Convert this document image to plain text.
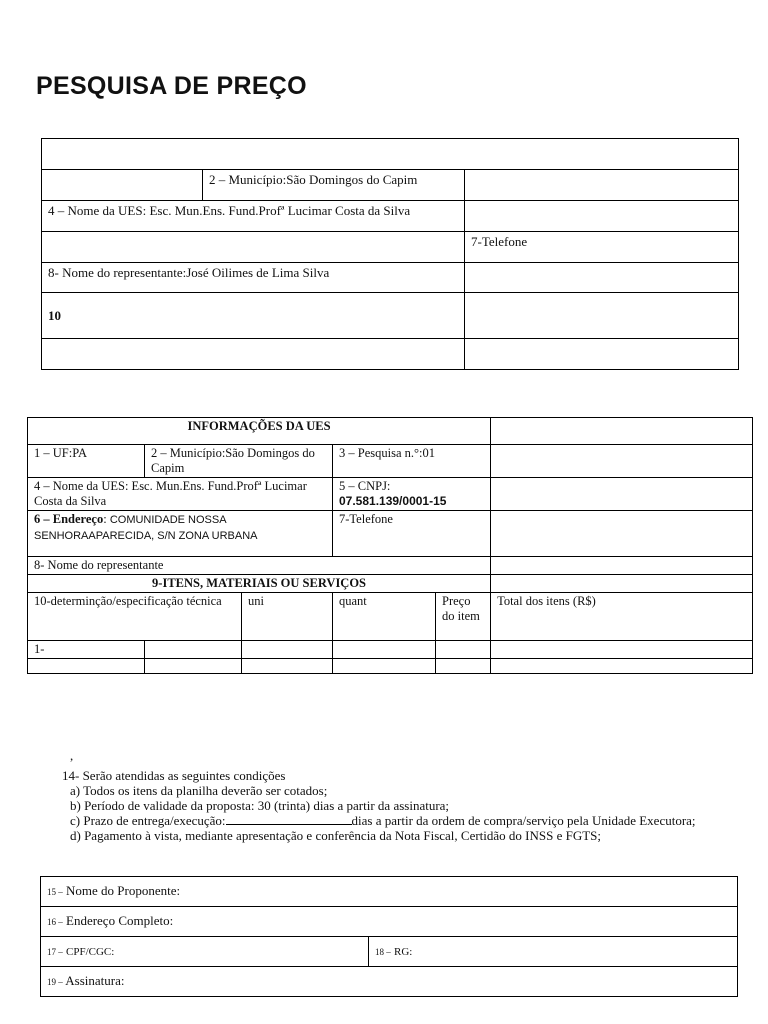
PESQUISA DE PREÇO

	2 – Município:São Domingos do Capim	
4 – Nome da UES: Esc. Mun.Ens. Fund.Profª Lucimar Costa da Silva		
		7-Telefone
8- Nome do representante:José Oilimes de Lima Silva		
10		

INFORMAÇÕES DA UES					
1 – UF:PA	2 – Município:São Domingos do Capim		3 – Pesquisa n.°:01		
4 – Nome da UES: Esc. Mun.Ens. Fund.Profª Lucimar Costa da Silva			5 – CNPJ:
07.581.139/0001-15		

6 – Endereço: COMUNIDADE NOSSA SENHORAAPARECIDA, S/N ZONA URBANA			7-Telefone		
8- Nome do representante					
9-ITENS, MATERIAIS OU SERVIÇOS					
10-determinção/especificação técnica		uni	quant	Preço do item	Total dos itens (R$)
1-					

,
14- Serão atendidas as seguintes condições
a) Todos os itens da planilha deverão ser cotados;
b) Período de validade da proposta: 30 (trinta) dias a partir da assinatura;
c) Prazo de entrega/execução:	dias a partir da ordem de compra/serviço pela Unidade Executora;
d) Pagamento à vista, mediante apresentação e conferência da Nota Fiscal, Certidão do INSS e FGTS;
15 – Nome do Proponente:
16 – Endereço Completo:
17 – CPF/CGC:	18 – RG:
19 – Assinatura:
